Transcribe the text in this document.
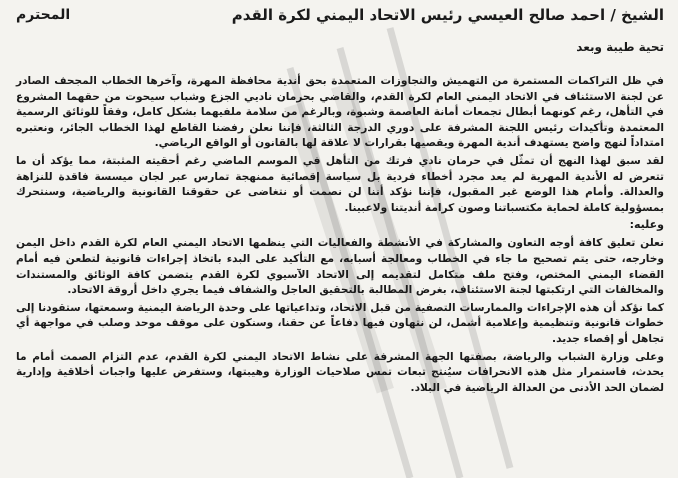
الشيخ / احمد صالح العيسي رئيس الاتحاد اليمني لكرة القدم
المحترم
تحية طيبة وبعد

في ظل التراكمات المستمرة من التهميش والتجاوزات المتعمدة بحق أندية محافظة المهرة، وآخرها الخطاب المجحف الصادر عن لجنة الاستئناف في الاتحاد اليمني العام لكرة القدم، والقاضي بحرمان ناديي الجزع وشباب سيحوت من حقهما المشروع في التأهل، رغم كونهما أبطال تجمعات أمانة العاصمة وشبوة، وبالرغم من سلامة ملفيهما بشكل كامل، وفقاً للوثائق الرسمية المعتمدة وتأكيدات رئيس اللجنة المشرفة على دوري الدرجة الثالثة، فإننا نعلن رفضنا القاطع لهذا الخطاب الجائر، ونعتبره امتداداً لنهج واضح يستهدف أندية المهرة ويقصيها بقرارات لا علاقة لها بالقانون أو الواقع الرياضي.

لقد سبق لهذا النهج أن تمثّل في حرمان نادي فرتك من التأهل في الموسم الماضي رغم أحقيته المثبتة، مما يؤكد أن ما تتعرض له الأندية المهرية لم يعد مجرد أخطاء فردية بل سياسة إقصائية ممنهجة تمارس عبر لجان ميسسة فاقدة للنزاهة والعدالة. وأمام هذا الوضع غير المقبول، فإننا نؤكد أننا لن نصمت أو نتغاضى عن حقوقنا القانونية والرياضية، وسنتحرك بمسؤولية كاملة لحماية مكتسباتنا وصون كرامة أنديتنا ولاعبينا.

وعليه:

نعلن تعليق كافة أوجه التعاون والمشاركة في الأنشطة والفعاليات التي ينظمها الاتحاد اليمني العام لكرة القدم داخل اليمن وخارجه، حتى يتم تصحيح ما جاء في الخطاب ومعالجة أسبابه، مع التأكيد على البدء باتخاذ إجراءات قانونية لتطعن فيه أمام القضاء اليمني المختص، وفتح ملف متكامل لتقديمه إلى الاتحاد الآسيوي لكرة القدم يتضمن كافة الوثائق والمستندات والمخالفات التي ارتكبتها لجنة الاستئناف، بغرض المطالبة بالتحقيق العاجل والشفاف فيما يجري داخل أروقة الاتحاد.

كما نؤكد أن هذه الإجراءات والممارسات التصفية من قبل الاتحاد، وتداعياتها على وحدة الرياضة اليمنية وسمعتها، ستقودنا إلى خطوات قانونية وتنظيمية وإعلامية أشمل، لن نتهاون فيها دفاعاً عن حقنا، وسنكون على موقف موحد وصلب في مواجهة أي تجاهل أو إقصاء جديد.

وعلى وزارة الشباب والرياضة، بصفتها الجهة المشرفة على نشاط الاتحاد اليمني لكرة القدم، عدم التزام الصمت أمام ما يحدث، فاستمرار مثل هذه الانحرافات سيُنتج تبعات تمس صلاحيات الوزارة وهيبتها، وستفرض عليها واجبات أخلاقية وإدارية لضمان الحد الأدنى من العدالة الرياضية في البلاد.
